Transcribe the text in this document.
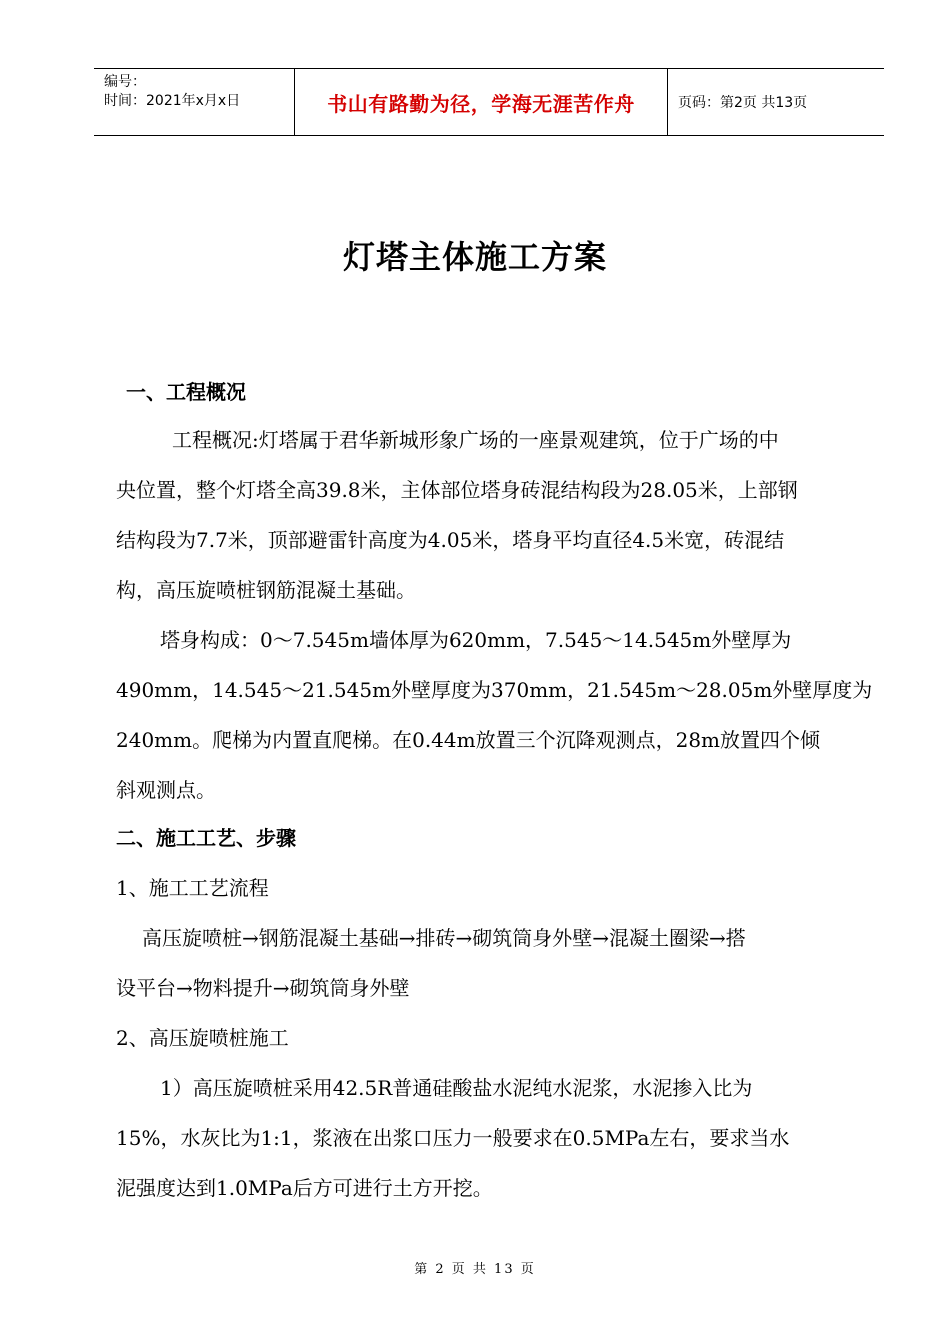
编号：
时间：2021年x月x日	书山有路勤为径，学海无涯苦作舟	页码：第2页 共13页
灯塔主体施工方案
一、工程概况
工程概况:灯塔属于君华新城形象广场的一座景观建筑，位于广场的中
央位置，整个灯塔全高39.8米，主体部位塔身砖混结构段为28.05米，上部钢
结构段为7.7米，顶部避雷针高度为4.05米，塔身平均直径4.5米宽，砖混结
构，高压旋喷桩钢筋混凝土基础。
塔身构成：0～7.545m墙体厚为620mm，7.545～14.545m外壁厚为
490mm，14.545～21.545m外壁厚度为370mm，21.545m～28.05m外壁厚度为
240mm。爬梯为内置直爬梯。在0.44m放置三个沉降观测点，28m放置四个倾
斜观测点。
二、施工工艺、步骤
1、施工工艺流程
高压旋喷桩→钢筋混凝土基础→排砖→砌筑筒身外壁→混凝土圈梁→搭
设平台→物料提升→砌筑筒身外壁
2、高压旋喷桩施工
1）高压旋喷桩采用42.5R普通硅酸盐水泥纯水泥浆，水泥掺入比为
15%，水灰比为1:1，浆液在出浆口压力一般要求在0.5MPa左右，要求当水
泥强度达到1.0MPa后方可进行土方开挖。
第 2 页 共 13 页
